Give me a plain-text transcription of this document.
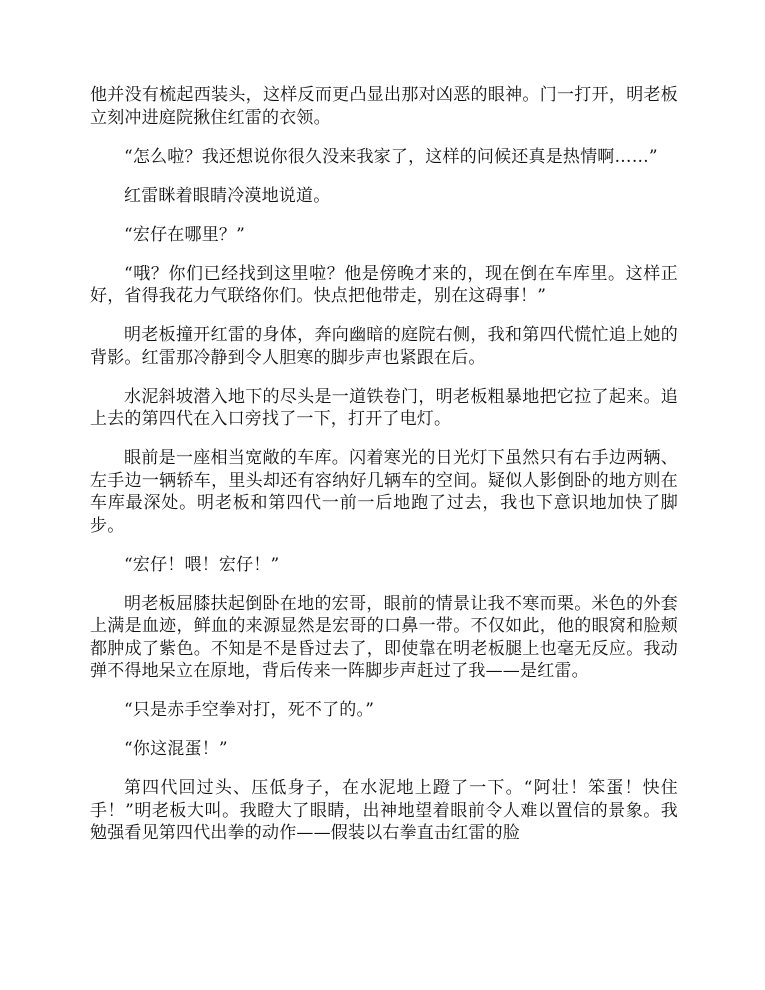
他并没有梳起西装头，这样反而更凸显出那对凶恶的眼神。门一打开，明老板立刻冲进庭院揪住红雷的衣领。

“怎么啦？我还想说你很久没来我家了，这样的问候还真是热情啊……”

红雷眯着眼睛冷漠地说道。

“宏仔在哪里？”

“哦？你们已经找到这里啦？他是傍晚才来的，现在倒在车库里。这样正好，省得我花力气联络你们。快点把他带走，别在这碍事！”

明老板撞开红雷的身体，奔向幽暗的庭院右侧，我和第四代慌忙追上她的背影。红雷那冷静到令人胆寒的脚步声也紧跟在后。

水泥斜坡潜入地下的尽头是一道铁卷门，明老板粗暴地把它拉了起来。追上去的第四代在入口旁找了一下，打开了电灯。

眼前是一座相当宽敞的车库。闪着寒光的日光灯下虽然只有右手边两辆、左手边一辆轿车，里头却还有容纳好几辆车的空间。疑似人影倒卧的地方则在车库最深处。明老板和第四代一前一后地跑了过去，我也下意识地加快了脚步。

“宏仔！喂！宏仔！”

明老板屈膝扶起倒卧在地的宏哥，眼前的情景让我不寒而栗。米色的外套上满是血迹，鲜血的来源显然是宏哥的口鼻一带。不仅如此，他的眼窝和脸颊都肿成了紫色。不知是不是昏过去了，即使靠在明老板腿上也毫无反应。我动弹不得地呆立在原地，背后传来一阵脚步声赶过了我——是红雷。

“只是赤手空拳对打，死不了的。”

“你这混蛋！”

第四代回过头、压低身子，在水泥地上蹬了一下。“阿壮！笨蛋！快住手！”明老板大叫。我瞪大了眼睛，出神地望着眼前令人难以置信的景象。我勉强看见第四代出拳的动作——假装以右拳直击红雷的脸
